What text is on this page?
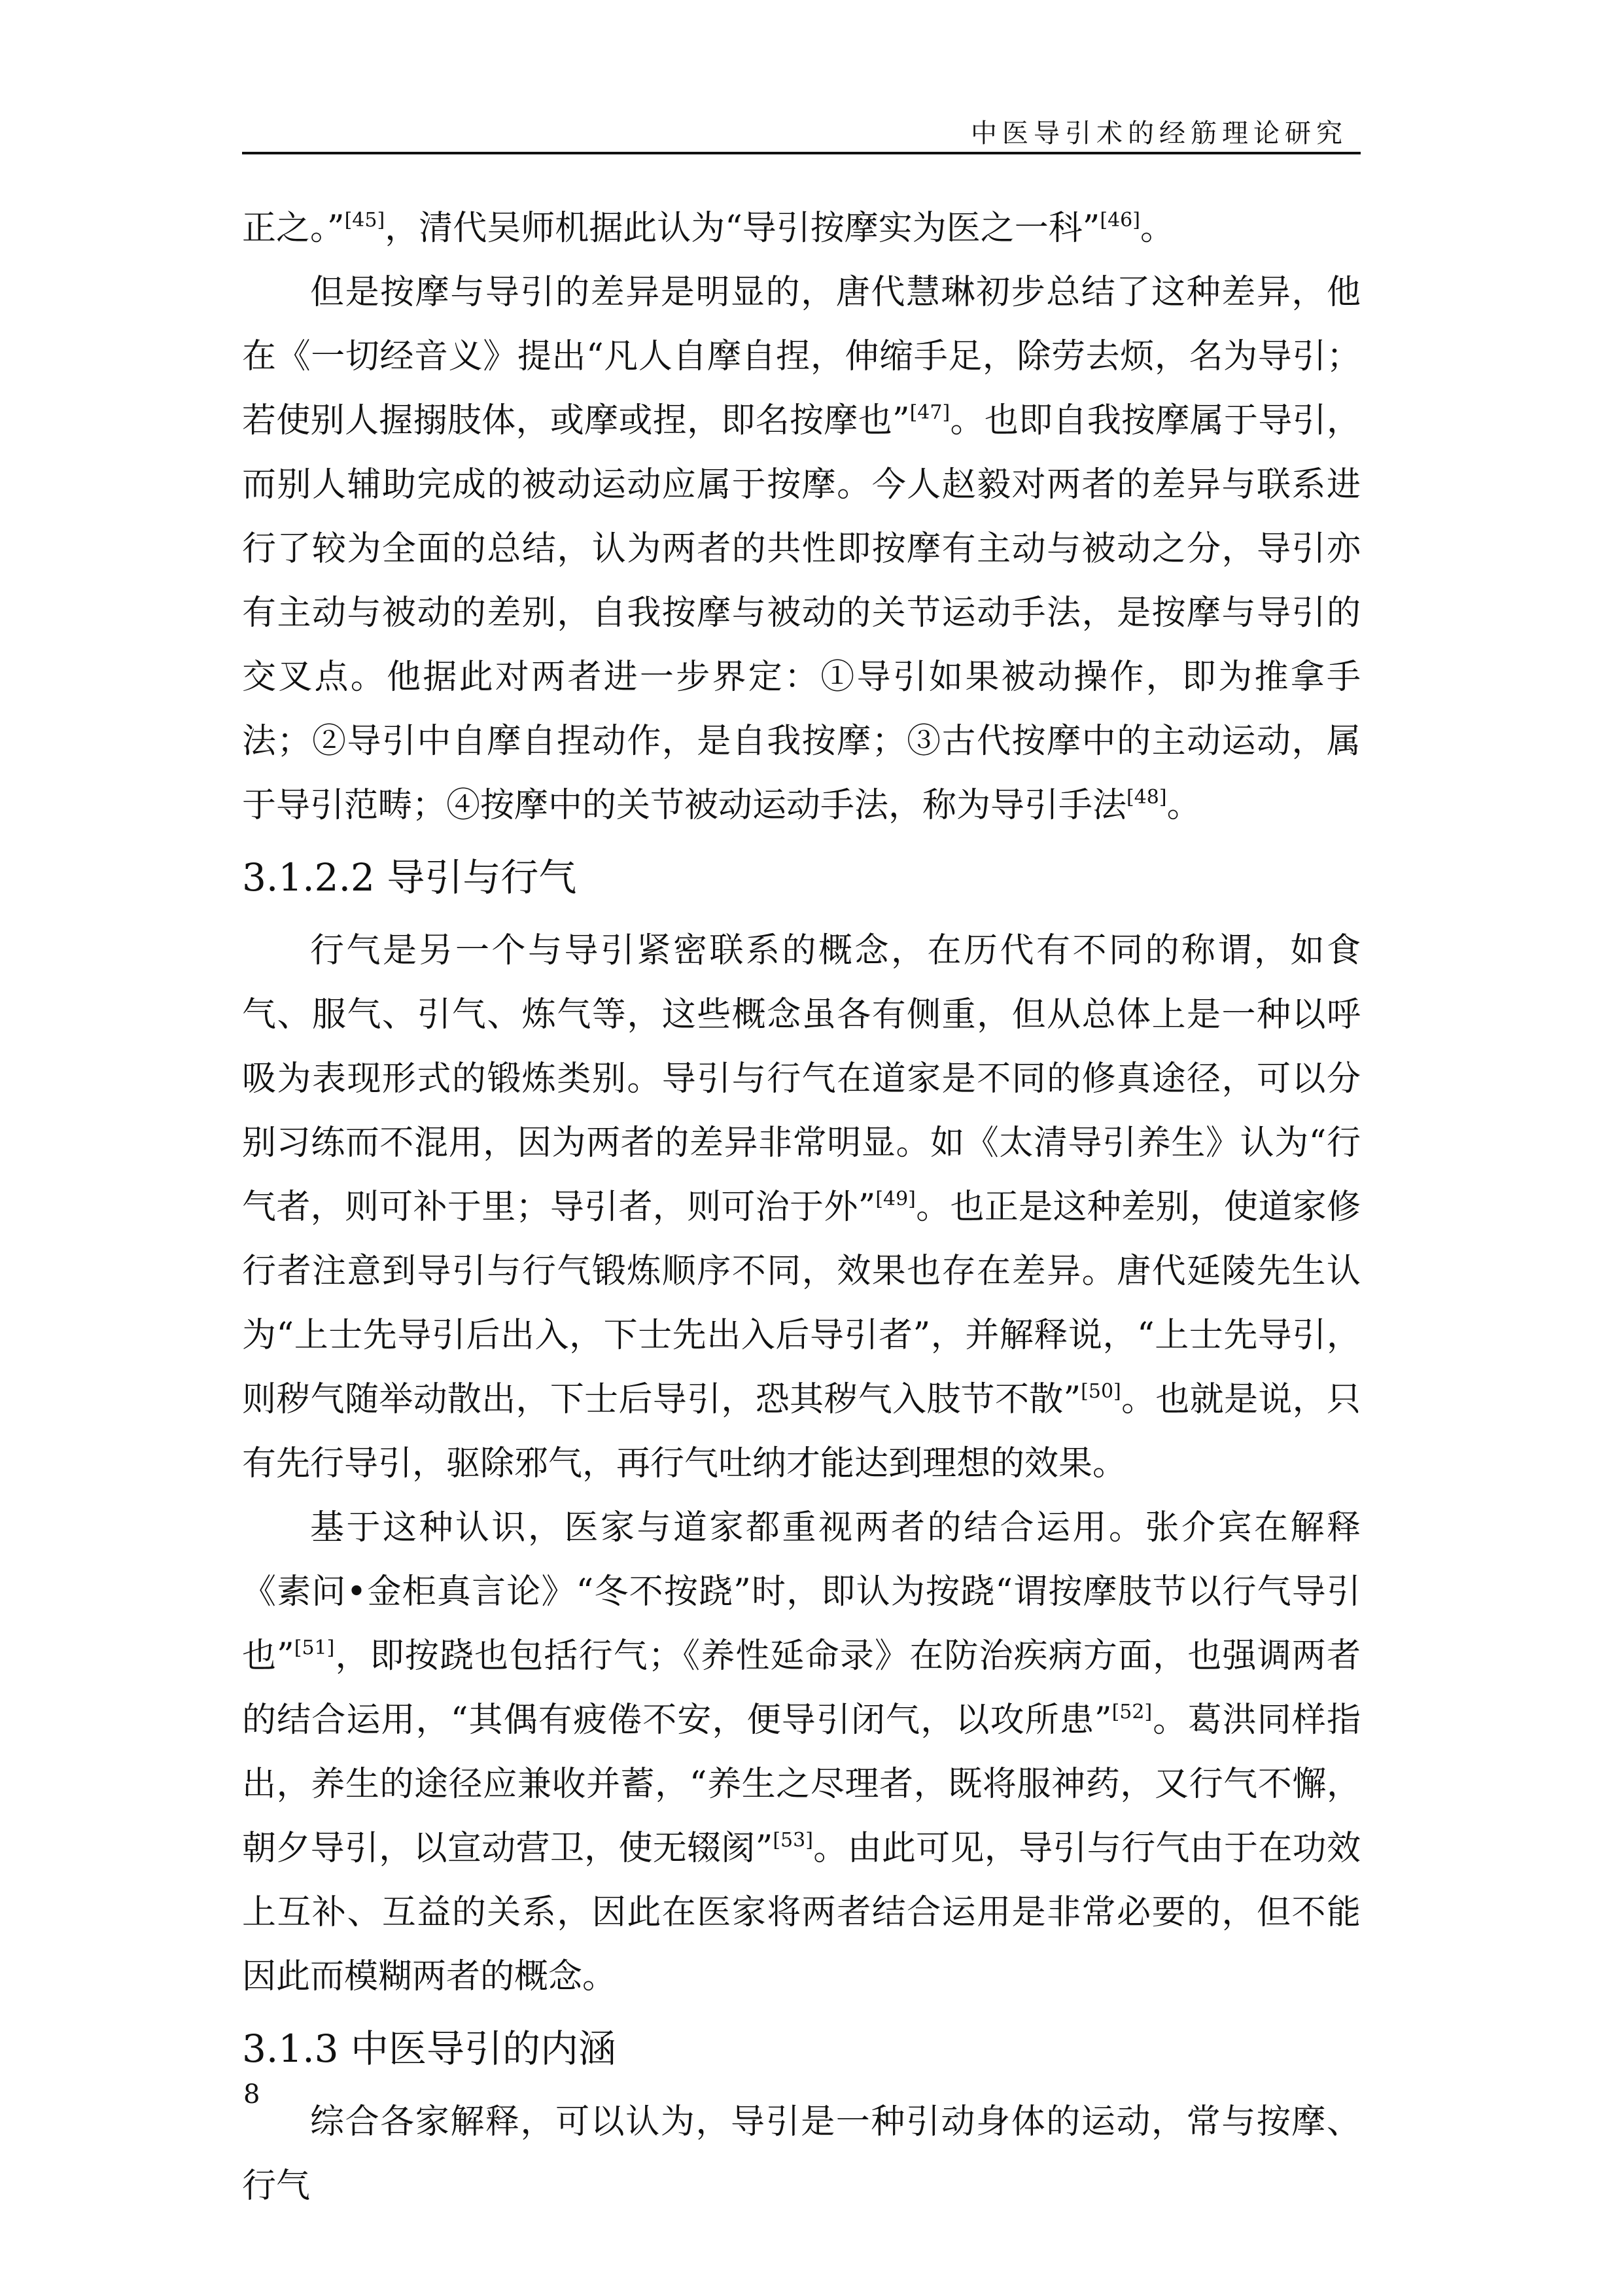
中医导引术的经筋理论研究

正之。”[45]，清代吴师机据此认为“导引按摩实为医之一科”[46]。

但是按摩与导引的差异是明显的，唐代慧琳初步总结了这种差异，他在《一切经音义》提出“凡人自摩自捏，伸缩手足，除劳去烦，名为导引；若使别人握搦肢体，或摩或捏，即名按摩也”[47]。也即自我按摩属于导引，而别人辅助完成的被动运动应属于按摩。今人赵毅对两者的差异与联系进行了较为全面的总结，认为两者的共性即按摩有主动与被动之分，导引亦有主动与被动的差别，自我按摩与被动的关节运动手法，是按摩与导引的交叉点。他据此对两者进一步界定：①导引如果被动操作，即为推拿手法；②导引中自摩自捏动作，是自我按摩；③古代按摩中的主动运动，属于导引范畴；④按摩中的关节被动运动手法，称为导引手法[48]。

3.1.2.2 导引与行气

行气是另一个与导引紧密联系的概念，在历代有不同的称谓，如食气、服气、引气、炼气等，这些概念虽各有侧重，但从总体上是一种以呼吸为表现形式的锻炼类别。导引与行气在道家是不同的修真途径，可以分别习练而不混用，因为两者的差异非常明显。如《太清导引养生》认为“行气者，则可补于里；导引者，则可治于外”[49]。也正是这种差别，使道家修行者注意到导引与行气锻炼顺序不同，效果也存在差异。唐代延陵先生认为“上士先导引后出入，下士先出入后导引者”，并解释说，“上士先导引，则秽气随举动散出，下士后导引，恐其秽气入肢节不散”[50]。也就是说，只有先行导引，驱除邪气，再行气吐纳才能达到理想的效果。

基于这种认识，医家与道家都重视两者的结合运用。张介宾在解释《素问•金柜真言论》“冬不按跷”时，即认为按跷“谓按摩肢节以行气导引也”[51]，即按跷也包括行气；《养性延命录》在防治疾病方面，也强调两者的结合运用，“其偶有疲倦不安，便导引闭气，以攻所患”[52]。葛洪同样指出，养生的途径应兼收并蓄，“养生之尽理者，既将服神药，又行气不懈，朝夕导引，以宣动营卫，使无辍阂”[53]。由此可见，导引与行气由于在功效上互补、互益的关系，因此在医家将两者结合运用是非常必要的，但不能因此而模糊两者的概念。

3.1.3 中医导引的内涵

综合各家解释，可以认为，导引是一种引动身体的运动，常与按摩、行气

8
